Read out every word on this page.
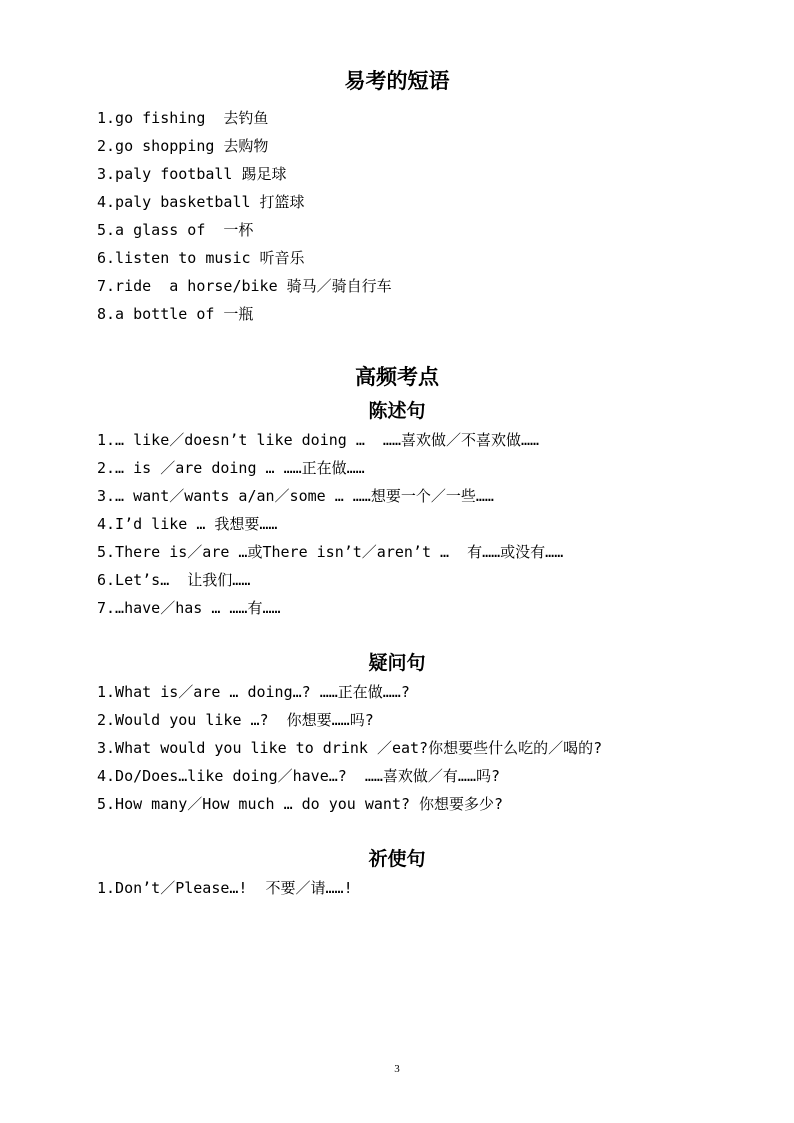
易考的短语
1.go fishing  去钓鱼
2.go shopping 去购物
3.paly football 踢足球
4.paly basketball 打篮球
5.a glass of  一杯
6.listen to music 听音乐
7.ride  a horse/bike 骑马／骑自行车
8.a bottle of 一瓶
高频考点
陈述句
1.… like／doesn’t like doing …  ……喜欢做／不喜欢做……
2.… is ／are doing … ……正在做……
3.… want／wants a/an／some … ……想要一个／一些……
4.I’d like … 我想要……
5.There is／are …或There isn’t／aren’t …  有……或没有……
6.Let’s…  让我们……
7.…have／has … ……有……
疑问句
1.What is／are … doing…? ……正在做……?
2.Would you like …?  你想要……吗?
3.What would you like to drink ／eat?你想要些什么吃的／喝的?
4.Do/Does…like doing／have…?  ……喜欢做／有……吗?
5.How many／How much … do you want? 你想要多少?
祈使句
1.Don’t／Please…!  不要／请……!
3
